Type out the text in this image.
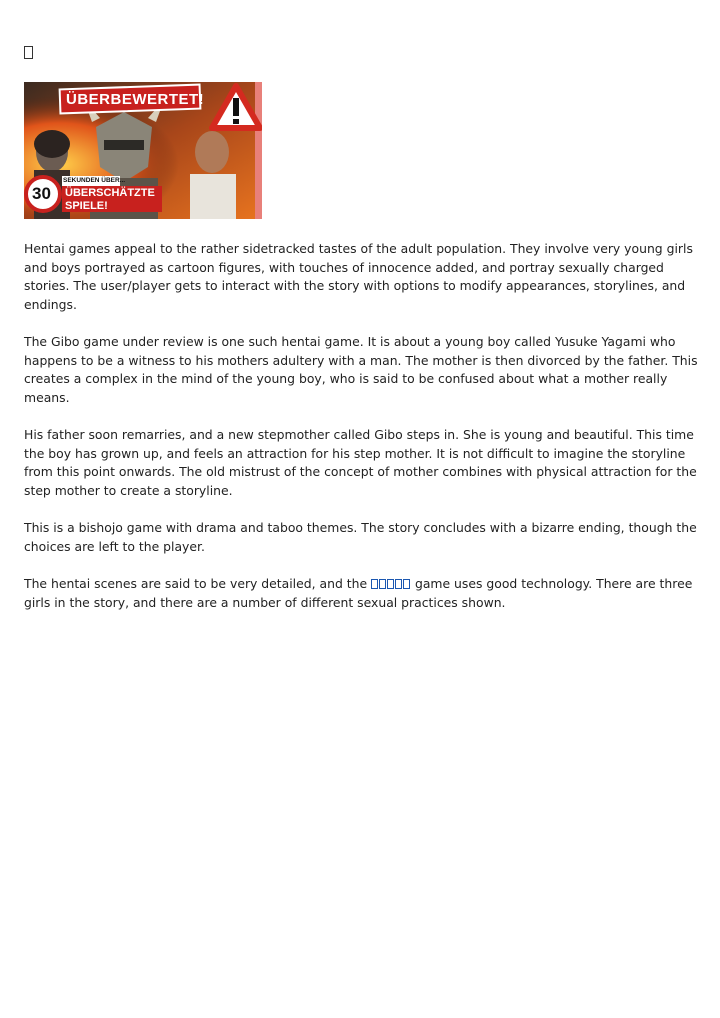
ÜBERBEWERTET!
30
SEKUNDEN ÜBER...
ÜBERSCHÄTZTE
SPIELE!

Hentai games appeal to the rather sidetracked tastes of the adult population. They involve very young girls and boys portrayed as cartoon figures, with touches of innocence added, and portray sexually charged stories. The user/player gets to interact with the story with options to modify appearances, storylines, and endings.

The Gibo game under review is one such hentai game. It is about a young boy called Yusuke Yagami who happens to be a witness to his mothers adultery with a man. The mother is then divorced by the father. This creates a complex in the mind of the young boy, who is said to be confused about what a mother really means.

His father soon remarries, and a new stepmother called Gibo steps in. She is young and beautiful. This time the boy has grown up, and feels an attraction for his step mother. It is not difficult to imagine the storyline from this point onwards. The old mistrust of the concept of mother combines with physical attraction for the step mother to create a storyline.

This is a bishojo game with drama and taboo themes. The story concludes with a bizarre ending, though the choices are left to the player.

The hentai scenes are said to be very detailed, and the	game uses good technology. There are three girls in the story, and there are a number of different sexual practices shown.
